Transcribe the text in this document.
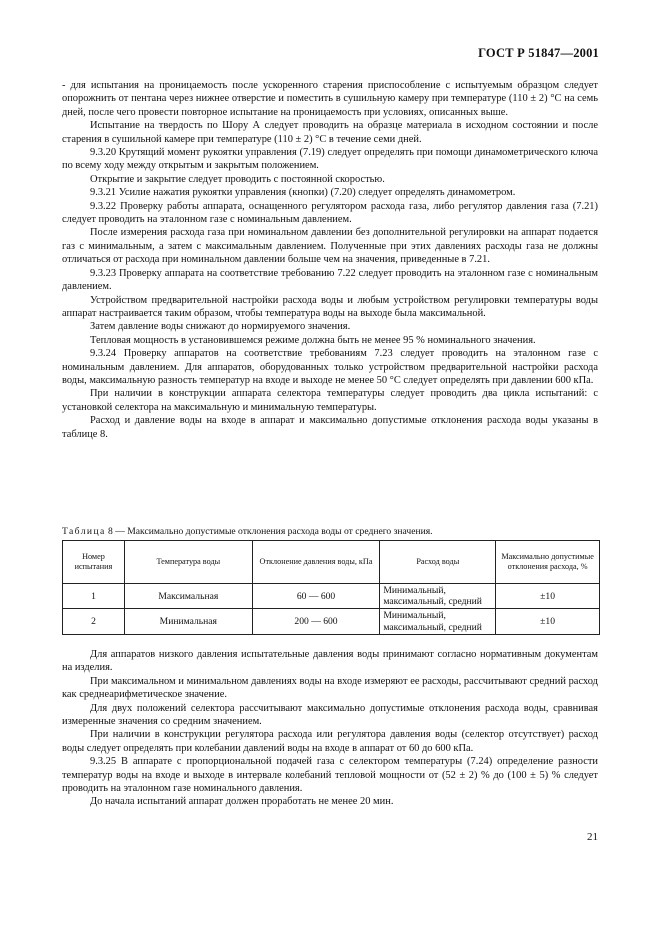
ГОСТ Р 51847—2001

- для испытания на проницаемость после ускоренного старения приспособление с испытуемым образцом следует опорожнить от пентана через нижнее отверстие и поместить в сушильную камеру при температуре (110 ± 2) °С на семь дней, после чего провести повторное испытание на проницаемость при условиях, описанных выше.

Испытание на твердость по Шору А следует проводить на образце материала в исходном состоянии и после старения в сушильной камере при температуре (110 ± 2) °С в течение семи дней.

9.3.20 Крутящий момент рукоятки управления (7.19) следует определять при помощи динамометрического ключа по всему ходу между открытым и закрытым положением.

Открытие и закрытие следует проводить с постоянной скоростью.

9.3.21 Усилие нажатия рукоятки управления (кнопки) (7.20) следует определять динамометром.

9.3.22 Проверку работы аппарата, оснащенного регулятором расхода газа, либо регулятор давления газа (7.21) следует проводить на эталонном газе с номинальным давлением.

После измерения расхода газа при номинальном давлении без дополнительной регулировки на аппарат подается газ с минимальным, а затем с максимальным давлением. Полученные при этих давлениях расходы газа не должны отличаться от расхода при номинальном давлении больше чем на значения, приведенные в 7.21.

9.3.23 Проверку аппарата на соответствие требованию 7.22 следует проводить на эталонном газе с номинальным давлением.

Устройством предварительной настройки расхода воды и любым устройством регулировки температуры воды аппарат настраивается таким образом, чтобы температура воды на выходе была максимальной.

Затем давление воды снижают до нормируемого значения.

Тепловая мощность в установившемся режиме должна быть не менее 95 % номинального значения.

9.3.24 Проверку аппаратов на соответствие требованиям 7.23 следует проводить на эталонном газе с номинальным давлением. Для аппаратов, оборудованных только устройством предварительной настройки расхода воды, максимальную разность температур на входе и выходе не менее 50 °С следует определять при давлении 600 кПа.

При наличии в конструкции аппарата селектора температуры следует проводить два цикла испытаний: с установкой селектора на максимальную и минимальную температуры.

Расход и давление воды на входе в аппарат и максимально допустимые отклонения расхода воды указаны в таблице 8.

Таблица 8 — Максимально допустимые отклонения расхода воды от среднего значения.
Номер испытания	Температура воды	Отклонение давления воды, кПа	Расход воды	Максимально допустимые отклонения расхода, %
1	Максимальная	60 — 600	Минимальный, максимальный, средний	±10
2	Минимальная	200 — 600	Минимальный, максимальный, средний	±10

Для аппаратов низкого давления испытательные давления воды принимают согласно нормативным документам на изделия.

При максимальном и минимальном давлениях воды на входе измеряют ее расходы, рассчитывают средний расход как среднеарифметическое значение.

Для двух положений селектора рассчитывают максимально допустимые отклонения расхода воды, сравнивая измеренные значения со средним значением.

При наличии в конструкции регулятора расхода или регулятора давления воды (селектор отсутствует) расход воды следует определять при колебании давлений воды на входе в аппарат от 60 до 600 кПа.

9.3.25 В аппарате с пропорциональной подачей газа с селектором температуры (7.24) определение разности температур воды на входе и выходе в интервале колебаний тепловой мощности от (52 ± 2) % до (100 ± 5) % следует проводить на эталонном газе номинального давления.

До начала испытаний аппарат должен проработать не менее 20 мин.

21
